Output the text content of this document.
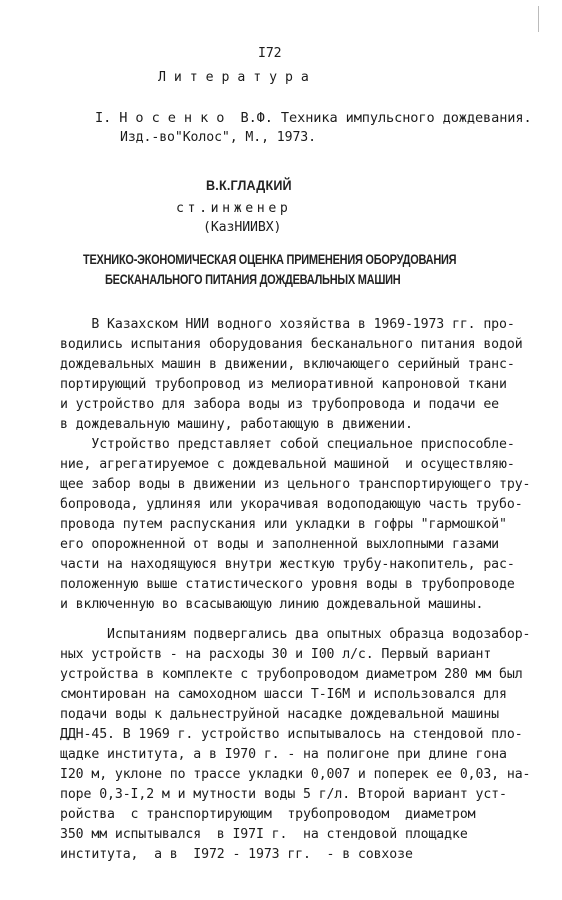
I72
Л и т е р а т у р а
I. Н о с е н к о  В.Ф. Техника импульсного дождевания.
Изд.-во"Колос", М., 1973.
В.К.ГЛАДКИЙ
ст.инженер
(КазНИИВХ)
ТЕХНИКО-ЭКОНОМИЧЕСКАЯ ОЦЕНКА ПРИМЕНЕНИЯ ОБОРУДОВАНИЯ
БЕСКАНАЛЬНОГО ПИТАНИЯ ДОЖДЕВАЛЬНЫХ МАШИН
В Казахском НИИ водного хозяйства в 1969-1973 гг. про-
водились испытания оборудования бесканального питания водой
дождевальных машин в движении, включающего серийный транс-
портирующий трубопровод из мелиоративной капроновой ткани
и устройство для забора воды из трубопровода и подачи ее
в дождевальную машину, работающую в движении.
Устройство представляет собой специальное приспособле-
ние, агрегатируемое с дождевальной машиной  и осуществляю-
щее забор воды в движении из цельного транспортирующего тру-
бопровода, удлиняя или укорачивая водоподающую часть трубо-
провода путем распускания или укладки в гофры "гармошкой"
его опорожненной от воды и заполненной выхлопными газами
части на находящуюся внутри жесткую трубу-накопитель, рас-
положенную выше статистического уровня воды в трубопроводе
и включенную во всасывающую линию дождевальной машины.
Испытаниям подвергались два опытных образца водозабор-
ных устройств - на расходы 30 и I00 л/с. Первый вариант
устройства в комплекте с трубопроводом диаметром 280 мм был
смонтирован на самоходном шасси Т-I6М и использовался для
подачи воды к дальнеструйной насадке дождевальной машины
ДДН-45. В 1969 г. устройство испытывалось на стендовой пло-
щадке института, а в I970 г. - на полигоне при длине гона
I20 м, уклоне по трассе укладки 0,007 и поперек ее 0,03, на-
поре 0,3-I,2 м и мутности воды 5 г/л. Второй вариант уст-
ройства  с транспортирующим  трубопроводом  диаметром
350 мм испытывался  в I97I г.  на стендовой площадке
института,  а в  I972 - 1973 гг.  - в совхозе
